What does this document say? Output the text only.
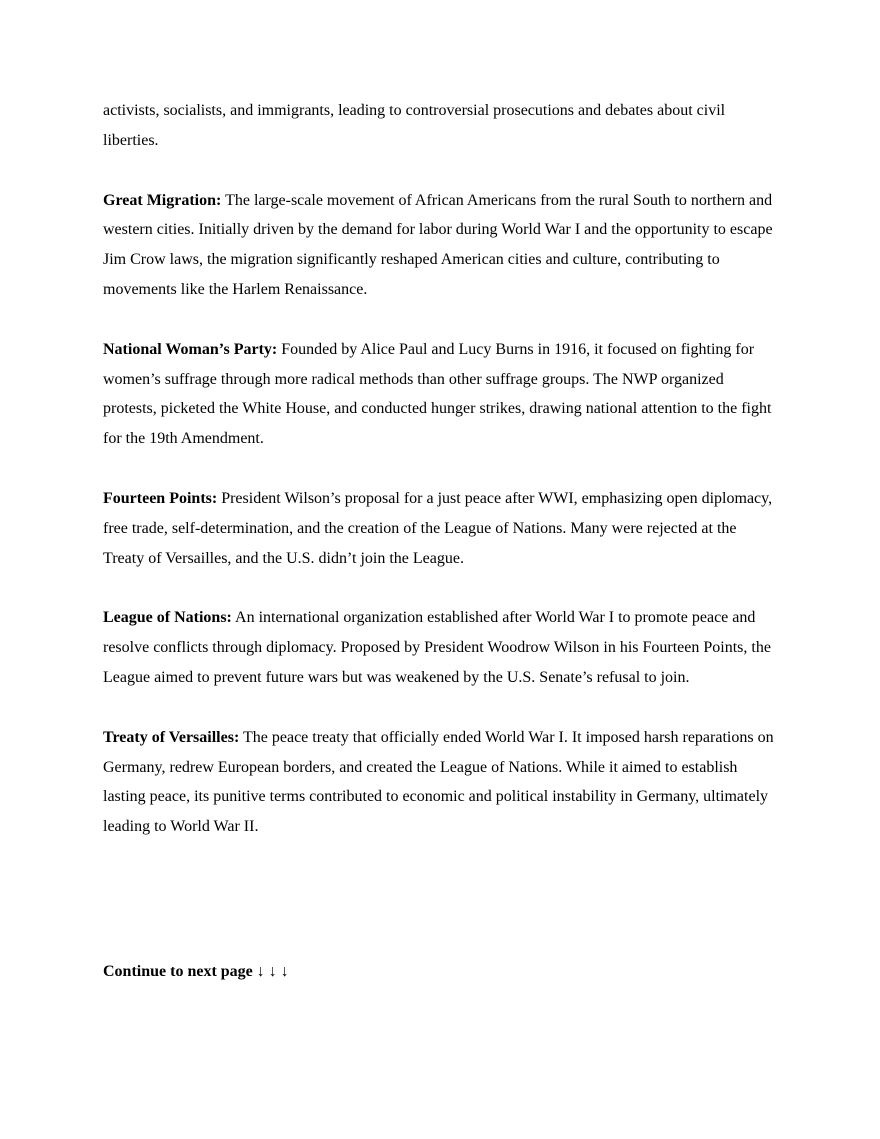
activists, socialists, and immigrants, leading to controversial prosecutions and debates about civil liberties.

Great Migration: The large-scale movement of African Americans from the rural South to northern and western cities. Initially driven by the demand for labor during World War I and the opportunity to escape Jim Crow laws, the migration significantly reshaped American cities and culture, contributing to movements like the Harlem Renaissance.

National Woman’s Party: Founded by Alice Paul and Lucy Burns in 1916, it focused on fighting for women’s suffrage through more radical methods than other suffrage groups. The NWP organized protests, picketed the White House, and conducted hunger strikes, drawing national attention to the fight for the 19th Amendment.

Fourteen Points: President Wilson’s proposal for a just peace after WWI, emphasizing open diplomacy, free trade, self-determination, and the creation of the League of Nations. Many were rejected at the Treaty of Versailles, and the U.S. didn’t join the League.

League of Nations: An international organization established after World War I to promote peace and resolve conflicts through diplomacy. Proposed by President Woodrow Wilson in his Fourteen Points, the League aimed to prevent future wars but was weakened by the U.S. Senate’s refusal to join.

Treaty of Versailles: The peace treaty that officially ended World War I. It imposed harsh reparations on Germany, redrew European borders, and created the League of Nations. While it aimed to establish lasting peace, its punitive terms contributed to economic and political instability in Germany, ultimately leading to World War II.

Continue to next page ↓ ↓ ↓
